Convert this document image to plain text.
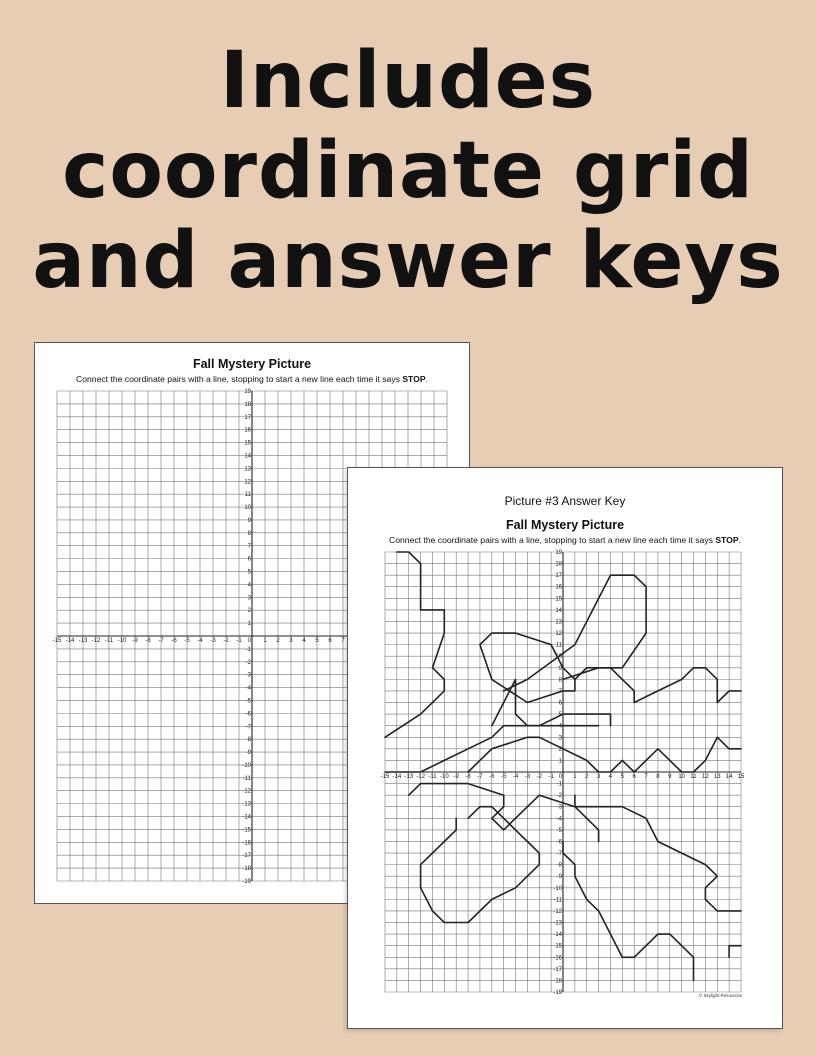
Includes
coordinate grid
and answer keys
Fall Mystery Picture
Connect the coordinate pairs with a line, stopping to start a new line each time it says STOP.
-15 -14 -13 -12 -11 -10 -9 -8 -7 -6 -5 -4 -3 -2 -1	1 2 3 4 5 6 7
-19
-18
-17
-16
-15
-14
-13
-12
-11
-10
-9
-8
-7
-6
-5
-4
-3
-2
-1
1
2
3
4
5
6
7
8
9
10
11
12
13
14
15
16
17
18
19
0
Picture #3 Answer Key
Fall Mystery Picture
Connect the coordinate pairs with a line, stopping to start a new line each time it says STOP.
-15 -14 -13 -12 -11 -10 -9 -8 -7 -6 -5 -4 -3 -2 -1	1 2 3 4 5 6 7 8 9 10 11 12 13 14 15
-19
-18
-17
-16
-15
-14
-13
-12
-11
-10
-9
-8
-7
-6
-5
-4
-3
-2
-1
1
2
3
4
5
6
7
8
9
10
11
12
13
14
15
16
17
18
19
0
© Skylight Resources
